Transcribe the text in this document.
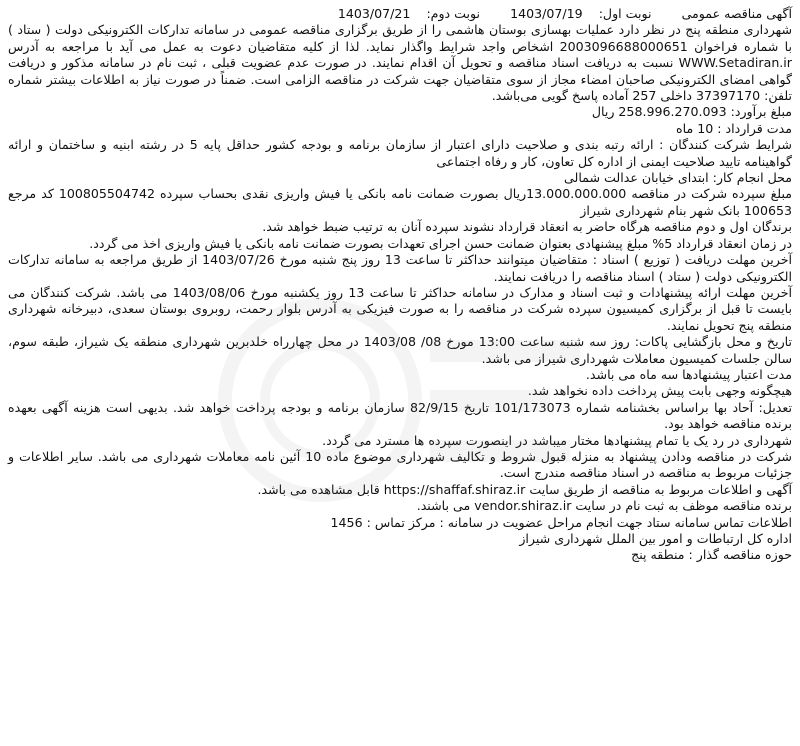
آگهی مناقصه عمومی نوبت اول: 1403/07/19 نوبت دوم: 1403/07/21

شهرداری منطقه پنج در نظر دارد عملیات بهسازی بوستان هاشمی را از طریق برگزاری مناقصه عمومی در سامانه تدارکات الکترونیکی دولت ( ستاد ) با شماره فراخوان 2003096688000651 اشخاص واجد شرایط واگذار نماید. لذا از کلیه متقاضیان دعوت به عمل می آید با مراجعه به آدرس WWW.Setadiran.ir نسبت به دریافت اسناد مناقصه و تحویل آن اقدام نمایند. در صورت عدم عضویت قبلی ، ثبت نام در سامانه مذکور و دریافت گواهی امضای الکترونیکی صاحبان امضاء مجاز از سوی متقاضیان جهت شرکت در مناقصه الزامی است. ضمناً در صورت نیاز به اطلاعات بیشتر شماره تلفن: 37397170 داخلی 257 آماده پاسخ گویی می‌باشد.

مبلغ برآورد: 258.996.270.093 ریال

مدت قرارداد : 10 ماه

شرایط شرکت کنندگان : ارائه رتبه بندی و صلاحیت دارای اعتبار از سازمان برنامه و بودجه کشور حداقل پایه 5 در رشته ابنیه و ساختمان و ارائه گواهینامه تایید صلاحیت ایمنی از اداره کل تعاون، کار و رفاه اجتماعی

محل انجام کار: ابتدای خیابان عدالت شمالی

مبلغ سپرده شرکت در مناقصه 13.000.000.000ریال بصورت ضمانت نامه بانکی یا فیش واریزی نقدی بحساب سپرده 100805504742 کد مرجع 100653 بانک شهر بنام شهرداری شیراز

برندگان اول و دوم مناقصه هرگاه حاضر به انعقاد قرارداد نشوند سپرده آنان به ترتیب ضبط خواهد شد.

در زمان انعقاد قرارداد 5% مبلغ پیشنهادی بعنوان ضمانت حسن اجرای تعهدات بصورت ضمانت نامه بانکی یا فیش واریزی اخذ می گردد.

آخرین مهلت دریافت ( توزیع ) اسناد : متقاضیان میتوانند حداکثر تا ساعت 13 روز پنج شنبه مورخ 1403/07/26 از طریق مراجعه به سامانه تدارکات الکترونیکی دولت ( ستاد ) اسناد مناقصه را دریافت نمایند.

آخرین مهلت ارائه پیشنهادات و ثبت اسناد و مدارک در سامانه حداکثر تا ساعت 13 روز یکشنبه مورخ 1403/08/06 می باشد. شرکت کنندگان می بایست تا قبل از برگزاری کمیسیون سپرده شرکت در مناقصه را به صورت فیزیکی به آدرس بلوار رحمت، روبروی بوستان سعدی، دبیرخانه شهرداری منطقه پنج تحویل نمایند.

تاریخ و محل بازگشایی پاکات: روز سه شنبه ساعت 13:00 مورخ 08/ 1403/08 در محل چهارراه خلدبرین شهرداری منطقه یک شیراز، طبقه سوم، سالن جلسات کمیسیون معاملات شهرداری شیراز می باشد.

مدت اعتبار پیشنهادها سه ماه می باشد.

هیچگونه وجهی بابت پیش پرداخت داده نخواهد شد.

تعدیل: آحاد بها براساس بخشنامه شماره 101/173073 تاریخ 82/9/15 سازمان برنامه و بودجه پرداخت خواهد شد. بدیهی است هزینه آگهی بعهده برنده مناقصه خواهد بود.

شهرداری در رد یک یا تمام پیشنهادها مختار میباشد در اینصورت سپرده ها مسترد می گردد.

شرکت در مناقصه ودادن پیشنهاد به منزله قبول شروط و تکالیف شهرداری موضوع ماده 10 آئین نامه معاملات شهرداری می باشد. سایر اطلاعات و جزئیات مربوط به مناقصه در اسناد مناقصه مندرج است.

آگهی و اطلاعات مربوط به مناقصه از طریق سایت https://shaffaf.shiraz.ir قابل مشاهده می باشد.

برنده مناقصه موظف به ثبت نام در سایت vendor.shiraz.ir می باشند.

اطلاعات تماس سامانه ستاد جهت انجام مراحل عضویت در سامانه : مرکز تماس : 1456

اداره کل ارتباطات و امور بین الملل شهرداری شیراز

حوزه مناقصه گذار : منطقه پنج
